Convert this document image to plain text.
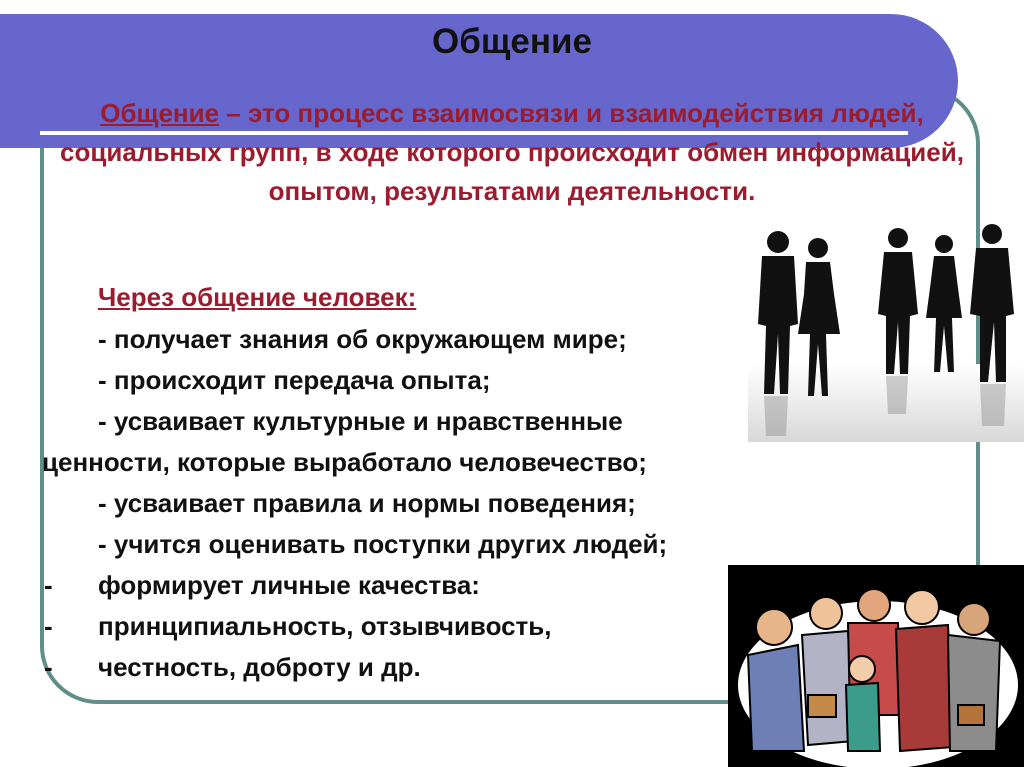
Общение

Общение – это процесс взаимосвязи и взаимодействия людей, социальных групп, в ходе которого происходит обмен информацией, опытом, результатами деятельности.

Через общение человек:

- получает знания об окружающем мире;

- происходит передача опыта;

- усваивает культурные и нравственные

ценности, которые выработало человечество;

- усваивает правила и нормы поведения;

- учится оценивать поступки других людей;

- формирует личные качества:

- принципиальность, отзывчивость,

- честность, доброту и др.
